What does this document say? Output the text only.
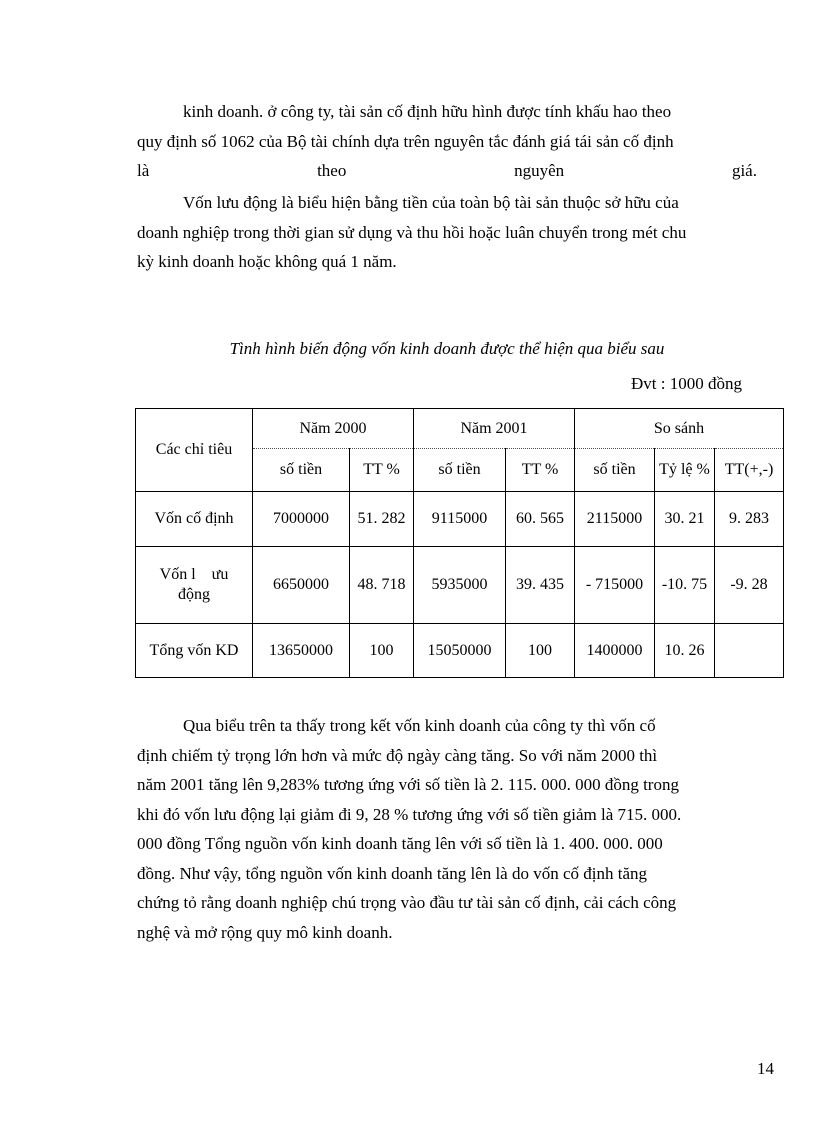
kinh doanh. ở công ty, tài sản cố định hữu hình được tính khấu hao theo
quy định số 1062 của Bộ tài chính dựa trên nguyên tắc đánh giá tái sản cố định
là	theo	nguyên	giá.
Vốn lưu động là biểu hiện bằng tiền của toàn bộ tài sản thuộc sở hữu của
doanh nghiệp trong thời gian sử dụng và thu hồi hoặc luân chuyển trong mét chu
kỳ kinh doanh hoặc không quá 1 năm.
Tình hình biến động vốn kinh doanh được thể hiện qua biểu sau
Đvt : 1000 đồng
Các chỉ tiêu	Năm 2000		Năm 2001		So sánh		
	số tiền	TT %	số tiền	TT %	số tiền	Tỷ lệ %	TT(+,-)
Vốn cố định	7000000	51. 282	9115000	60. 565	2115000	30. 21	9. 283
Vốn l    ưu động	6650000	48. 718	5935000	39. 435	- 715000	-10. 75	-9. 28
Tổng vốn KD	13650000	100	15050000	100	1400000	10. 26	
Qua biểu trên ta thấy trong kết vốn kinh doanh của công ty thì vốn cố
định chiếm tỷ trọng lớn hơn và mức độ ngày càng tăng. So với năm 2000 thì
năm 2001 tăng lên 9,283% tương ứng với số tiền là 2. 115. 000. 000 đồng trong
khi đó vốn lưu động lại giảm đi 9, 28 % tương ứng với số tiền giảm là 715. 000.
000 đồng Tổng nguồn vốn kinh doanh tăng lên với số tiền là 1. 400. 000. 000
đồng. Như vậy, tổng nguồn vốn kinh doanh tăng lên là do vốn cố định tăng
chứng tỏ rằng doanh nghiệp chú trọng vào đầu tư tài sản cố định, cải cách công
nghệ và mở rộng quy mô kinh doanh.
14
